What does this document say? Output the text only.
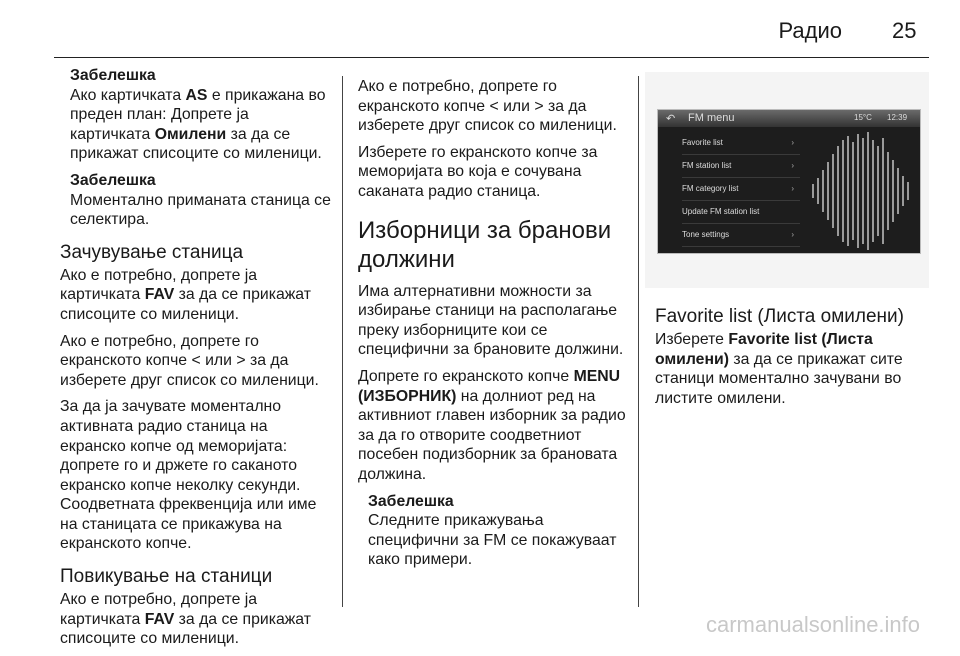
Радио 25
Забелешка
Ако картичката AS е прикажана во преден план: Допрете ја картичката Омилени за да се прикажат списоците со миленици.
Забелешка
Моментално приманата станица се селектира.
Зачувување станица

Ако е потребно, допрете ја картичката FAV за да се прикажат списоците со миленици.

Ако е потребно, допрете го екранското копче < или > за да изберете друг список со миленици.

За да ја зачувате моментално активната радио станица на екранско копче од меморијата: допрете го и држете го саканото екранско копче неколку секунди. Соодветната фреквенција или име на станицата се прикажува на екранското копче.

Повикување на станици

Ако е потребно, допрете ја картичката FAV за да се прикажат списоците со миленици.

Ако е потребно, допрете го екранското копче < или > за да изберете друг список со миленици.

Изберете го екранското копче за меморијата во која е сочувана саканата радио станица.

Изборници за бранови должини

Има алтернативни можности за избирање станици на располагање преку изборниците кои се специфични за брановите должини.

Допрете го екранското копче MENU (ИЗБОРНИК) на долниот ред на активниот главен изборник за радио за да го отворите соодветниот посебен подизборник за брановата должина.

Забелешка
Следните прикажувања специфични за FM се покажуваат како примери.
↶ FM menu	15°C 12:39
Favorite list	›
FM station list	›
FM category list	›
Update FM station list
Tone settings	›
Favorite list (Листа омилени)

Изберете Favorite list (Листа омилени) за да се прикажат сите станици моментално зачувани во листите омилени.

carmanualsonline.info
